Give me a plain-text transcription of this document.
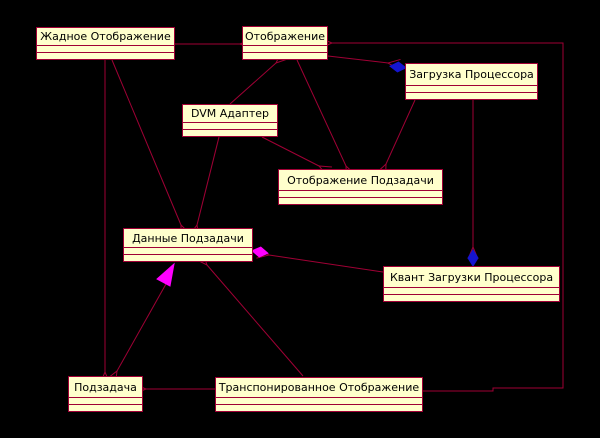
Жадное Отображение	Отображение
Загрузка Процессора
DVM Адаптер
Отображение Подзадачи
Данные Подзадачи
Квант Загрузки Процессора
Подзадача	Транспонированное Отображение
